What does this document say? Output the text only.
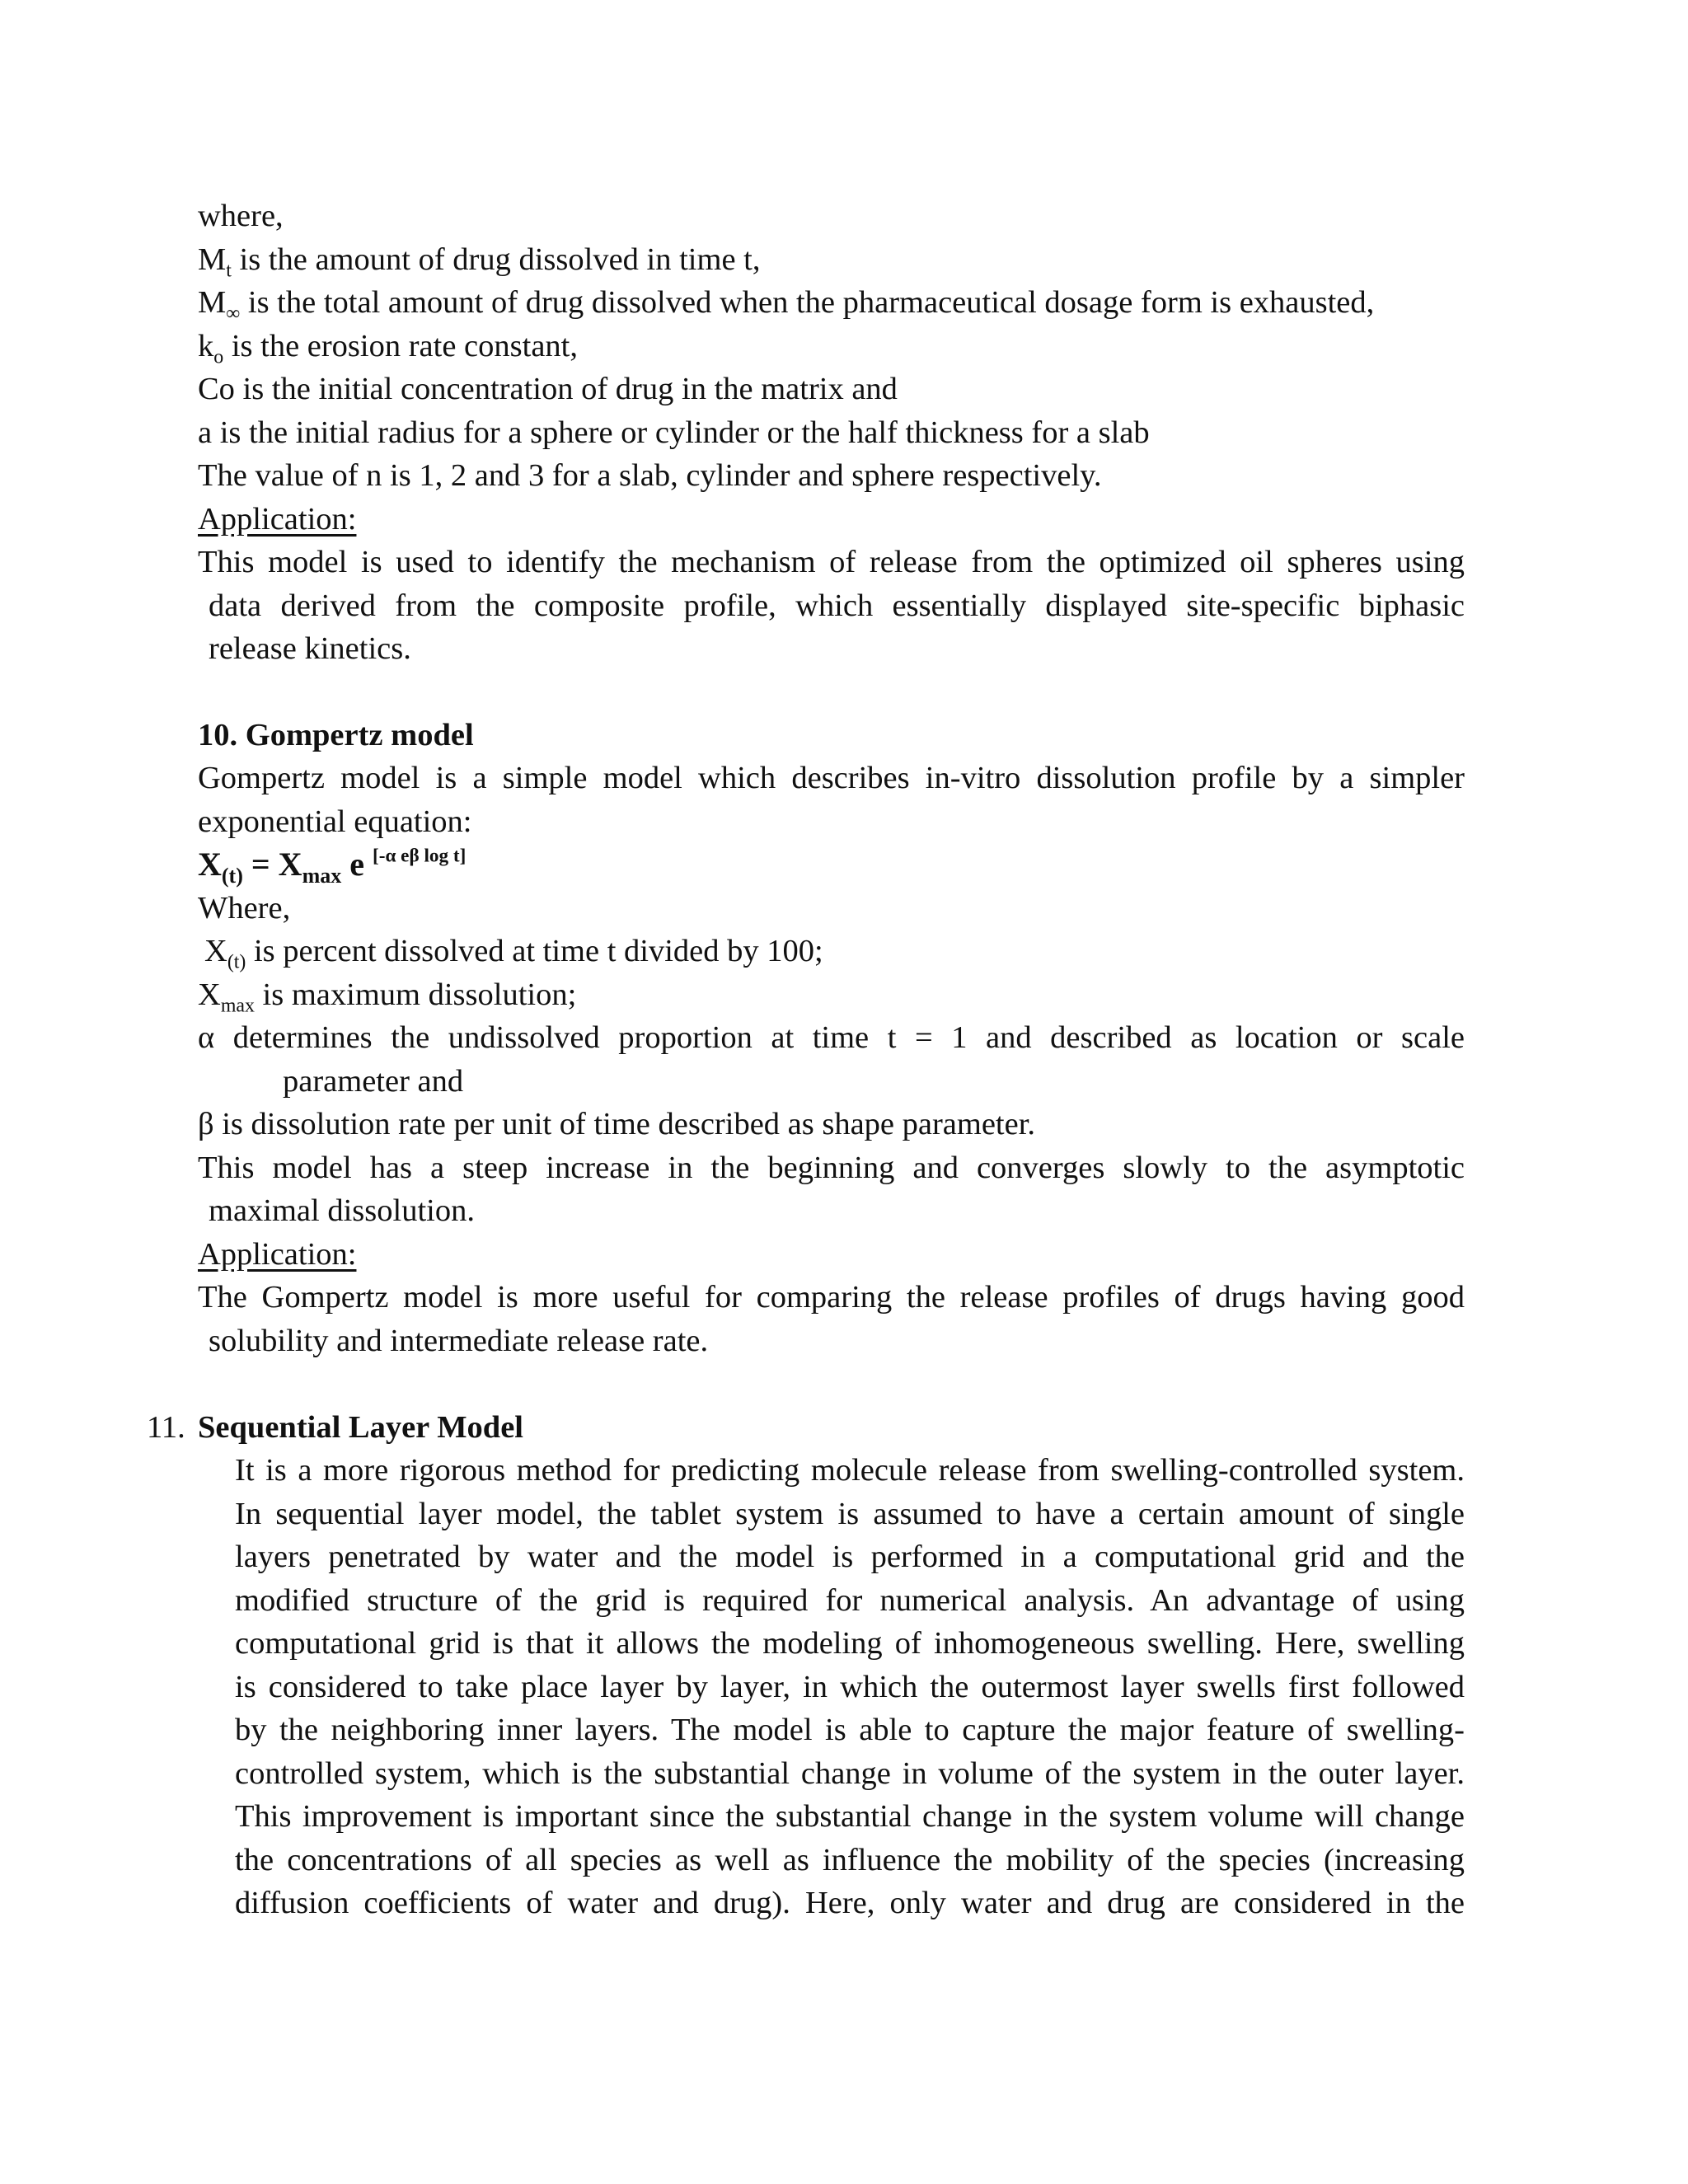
where,
$M_t$ is the amount of drug dissolved in time t,
$M_\infty$ is the total amount of drug dissolved when the pharmaceutical dosage form is exhausted,
$k_o$ is the erosion rate constant,
Co is the initial concentration of drug in the matrix and
a is the initial radius for a sphere or cylinder or the half thickness for a slab
The value of n is 1, 2 and 3 for a slab, cylinder and sphere respectively.
Application:
This model is used to identify the mechanism of release from the optimized oil spheres using
data derived from the composite profile, which essentially displayed site-specific biphasic
release kinetics.
10. Gompertz model
Gompertz model is a simple model which describes in-vitro dissolution profile by a simpler
exponential equation:
$X_{(t)} = X_{max}$ e [-α eβ log t]
Where,
$X_{(t)}$ is percent dissolved at time t divided by 100;
$X_{max}$ is maximum dissolution;
α determines the undissolved proportion at time t = 1 and described as location or scale
parameter and
β is dissolution rate per unit of time described as shape parameter.
This model has a steep increase in the beginning and converges slowly to the asymptotic
maximal dissolution.
Application:
The Gompertz model is more useful for comparing the release profiles of drugs having good
solubility and intermediate release rate.
11. Sequential Layer Model
It is a more rigorous method for predicting molecule release from swelling-controlled system.
In sequential layer model, the tablet system is assumed to have a certain amount of single
layers penetrated by water and the model is performed in a computational grid and the
modified structure of the grid is required for numerical analysis. An advantage of using
computational grid is that it allows the modeling of inhomogeneous swelling. Here, swelling
is considered to take place layer by layer, in which the outermost layer swells first followed
by the neighboring inner layers. The model is able to capture the major feature of swelling-
controlled system, which is the substantial change in volume of the system in the outer layer.
This improvement is important since the substantial change in the system volume will change
the concentrations of all species as well as influence the mobility of the species (increasing
diffusion coefficients of water and drug). Here, only water and drug are considered in the
